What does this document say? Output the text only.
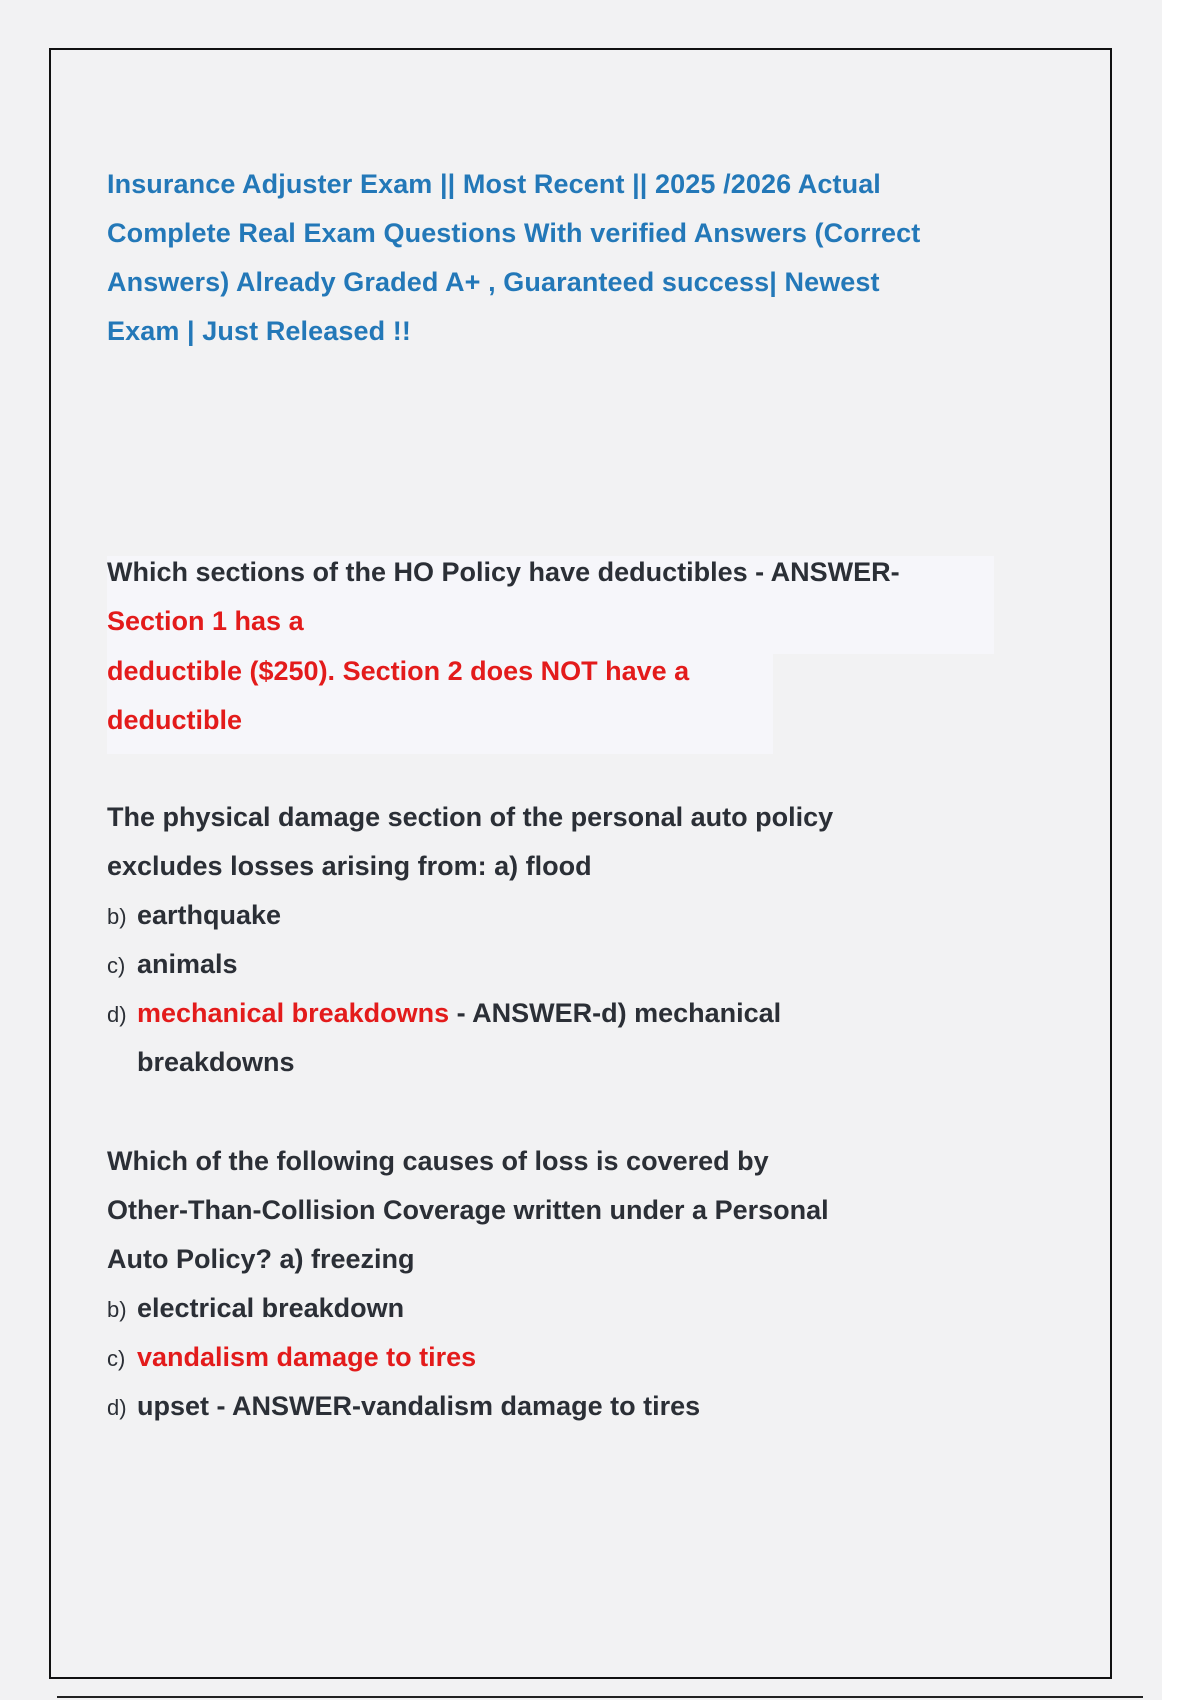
Insurance Adjuster Exam || Most Recent || 2025 /2026 Actual
Complete Real Exam Questions With verified Answers (Correct
Answers) Already Graded A+ , Guaranteed success| Newest
Exam | Just Released !!
Which sections of the HO Policy have deductibles - ANSWER-
Section 1 has a
deductible ($250). Section 2 does NOT have a
deductible
The physical damage section of the personal auto policy
excludes losses arising from: a) flood
b) earthquake
c) animals
d) mechanical breakdowns - ANSWER-d) mechanical
breakdowns
Which of the following causes of loss is covered by
Other-Than-Collision Coverage written under a Personal
Auto Policy? a) freezing
b) electrical breakdown
c) vandalism damage to tires
d) upset - ANSWER-vandalism damage to tires
